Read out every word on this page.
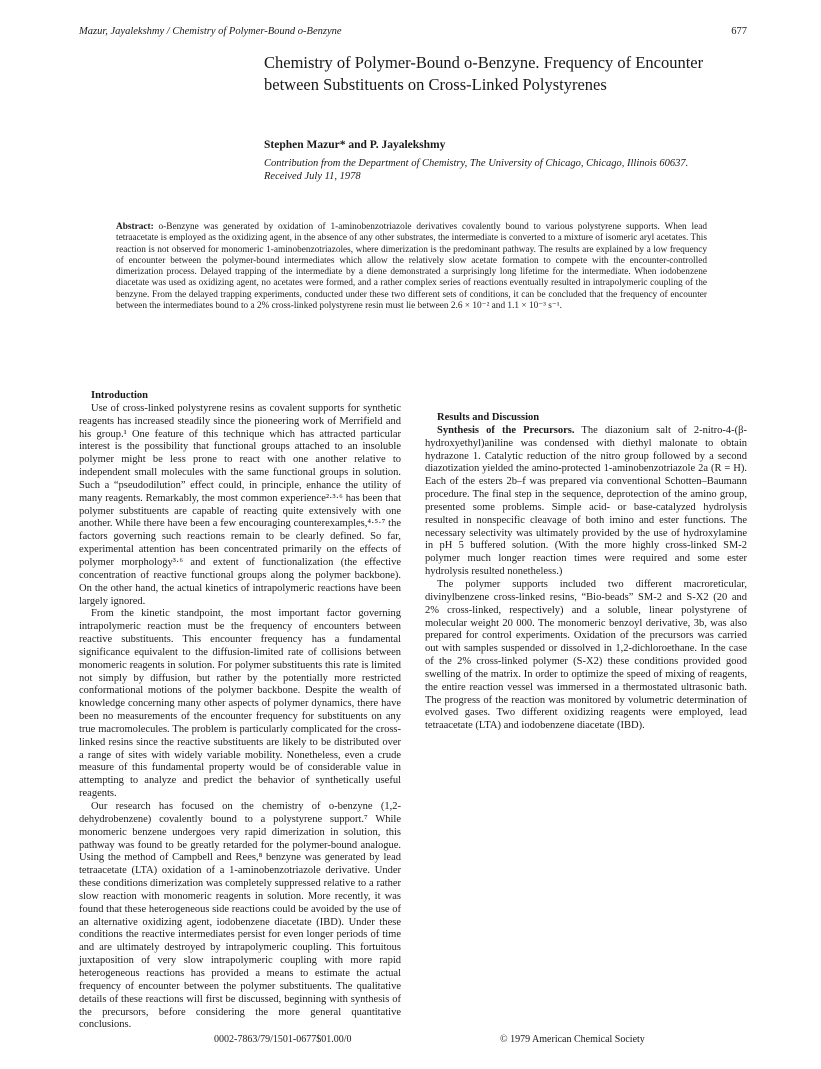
Mazur, Jayalekshmy / Chemistry of Polymer-Bound o-Benzyne	677
Chemistry of Polymer-Bound o-Benzyne. Frequency of Encounter between Substituents on Cross-Linked Polystyrenes
Stephen Mazur* and P. Jayalekshmy
Contribution from the Department of Chemistry, The University of Chicago, Chicago, Illinois 60637. Received July 11, 1978
Abstract: o-Benzyne was generated by oxidation of 1-aminobenzotriazole derivatives covalently bound to various polystyrene supports. When lead tetraacetate is employed as the oxidizing agent, in the absence of any other substrates, the intermediate is converted to a mixture of isomeric aryl acetates. This reaction is not observed for monomeric 1-aminobenzotriazoles, where dimerization is the predominant pathway. The results are explained by a low frequency of encounter between the polymer-bound intermediates which allow the relatively slow acetate formation to compete with the encounter-controlled dimerization process. Delayed trapping of the intermediate by a diene demonstrated a surprisingly long lifetime for the intermediate. When iodobenzene diacetate was used as oxidizing agent, no acetates were formed, and a rather complex series of reactions eventually resulted in intrapolymeric coupling of the benzyne. From the delayed trapping experiments, conducted under these two different sets of conditions, it can be concluded that the frequency of encounter between the intermediates bound to a 2% cross-linked polystyrene resin must lie between 2.6 × 10⁻² and 1.1 × 10⁻³ s⁻¹.

Introduction

Use of cross-linked polystyrene resins as covalent supports for synthetic reagents has increased steadily since the pioneering work of Merrifield and his group.¹ One feature of this technique which has attracted particular interest is the possibility that functional groups attached to an insoluble polymer might be less prone to react with one another relative to independent small molecules with the same functional groups in solution. Such a “pseudodilution” effect could, in principle, enhance the utility of many reagents. Remarkably, the most common experience²·³·⁶ has been that polymer substituents are capable of reacting quite extensively with one another. While there have been a few encouraging counterexamples,⁴·⁵·⁷ the factors governing such reactions remain to be clearly defined. So far, experimental attention has been concentrated primarily on the effects of polymer morphology³·⁶ and extent of functionalization (the effective concentration of reactive functional groups along the polymer backbone). On the other hand, the actual kinetics of intrapolymeric reactions have been largely ignored.

From the kinetic standpoint, the most important factor governing intrapolymeric reaction must be the frequency of encounters between reactive substituents. This encounter frequency has a fundamental significance equivalent to the diffusion-limited rate of collisions between monomeric reagents in solution. For polymer substituents this rate is limited not simply by diffusion, but rather by the potentially more restricted conformational motions of the polymer backbone. Despite the wealth of knowledge concerning many other aspects of polymer dynamics, there have been no measurements of the encounter frequency for substituents on any true macromolecules. The problem is particularly complicated for the cross-linked resins since the reactive substituents are likely to be distributed over a range of sites with widely variable mobility. Nonetheless, even a crude measure of this fundamental property would be of considerable value in attempting to analyze and predict the behavior of synthetically useful reagents.

Our research has focused on the chemistry of o-benzyne (1,2-dehydrobenzene) covalently bound to a polystyrene support.⁷ While monomeric benzene undergoes very rapid dimerization in solution, this pathway was found to be greatly retarded for the polymer-bound analogue. Using the method of Campbell and Rees,⁸ benzyne was generated by lead tetraacetate (LTA) oxidation of a 1-aminobenzotriazole derivative. Under these conditions dimerization was completely suppressed relative to a rather slow reaction with monomeric reagents in solution. More recently, it was found that these heterogeneous side reactions could be avoided by the use of an alternative oxidizing agent, iodobenzene diacetate (IBD). Under these conditions the reactive intermediates persist for even longer periods of time and are ultimately destroyed by intrapolymeric coupling. This fortuitous juxtaposition of very slow intrapolymeric coupling with more rapid heterogeneous reactions has provided a means to estimate the actual frequency of encounter between the polymer substituents. The qualitative details of these reactions will first be discussed, beginning with synthesis of the precursors, before considering the more general quantitative conclusions.

Results and Discussion

Synthesis of the Precursors. The diazonium salt of 2-nitro-4-(β-hydroxyethyl)aniline was condensed with diethyl malonate to obtain hydrazone 1. Catalytic reduction of the nitro group followed by a second diazotization yielded the amino-protected 1-aminobenzotriazole 2a (R = H). Each of the esters 2b–f was prepared via conventional Schotten–Baumann procedure. The final step in the sequence, deprotection of the amino group, presented some problems. Simple acid- or base-catalyzed hydrolysis resulted in nonspecific cleavage of both imino and ester functions. The necessary selectivity was ultimately provided by the use of hydroxylamine in pH 5 buffered solution. (With the more highly cross-linked SM-2 polymer much longer reaction times were required and some ester hydrolysis resulted nonetheless.)

The polymer supports included two different macroreticular, divinylbenzene cross-linked resins, “Bio-beads” SM-2 and S-X2 (20 and 2% cross-linked, respectively) and a soluble, linear polystyrene of molecular weight 20 000. The monomeric benzoyl derivative, 3b, was also prepared for control experiments. Oxidation of the precursors was carried out with samples suspended or dissolved in 1,2-dichloroethane. In the case of the 2% cross-linked polymer (S-X2) these conditions provided good swelling of the matrix. In order to optimize the speed of mixing of reagents, the entire reaction vessel was immersed in a thermostated ultrasonic bath. The progress of the reaction was monitored by volumetric determination of evolved gases. Two different oxidizing reagents were employed, lead tetraacetate (LTA) and iodobenzene diacetate (IBD).

0002-7863/79/1501-0677$01.00/0	© 1979 American Chemical Society
